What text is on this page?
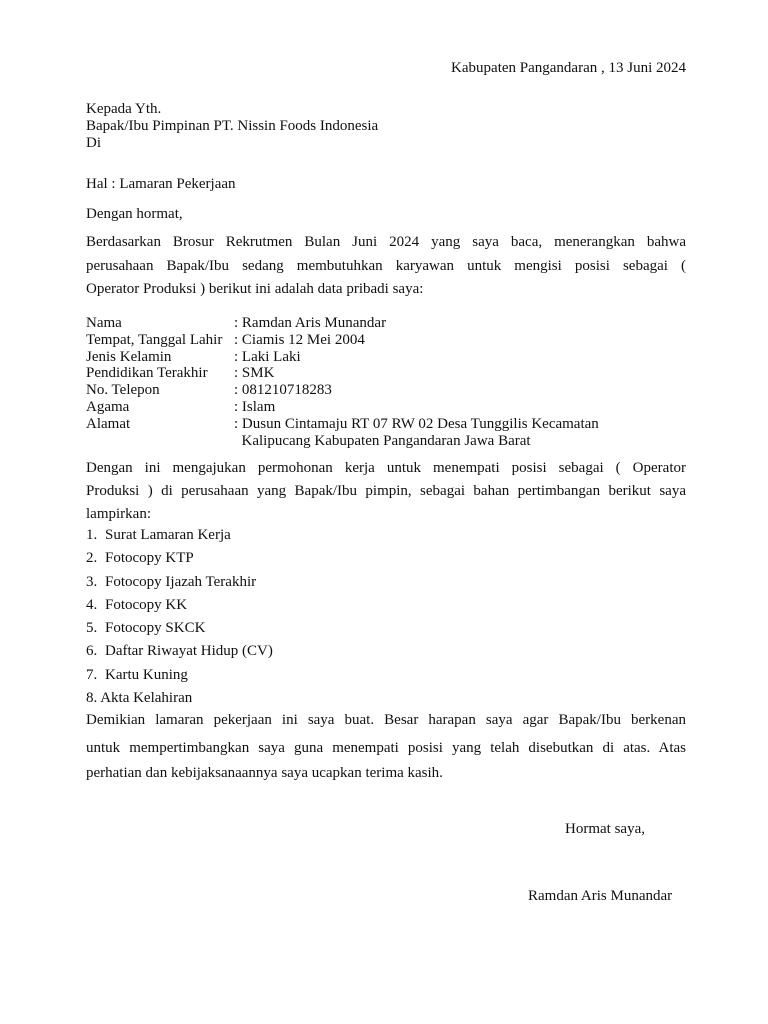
Kabupaten Pangandaran , 13 Juni 2024
Kepada Yth.
Bapak/Ibu Pimpinan PT. Nissin Foods Indonesia
Di
Hal : Lamaran Pekerjaan
Dengan hormat,
Berdasarkan Brosur Rekrutmen Bulan Juni 2024 yang saya baca, menerangkan bahwa
perusahaan Bapak/Ibu sedang membutuhkan karyawan untuk mengisi posisi sebagai (
Operator Produksi ) berikut ini adalah data pribadi saya:
Nama	: Ramdan Aris Munandar
Tempat, Tanggal Lahir	: Ciamis 12 Mei 2004
Jenis Kelamin	: Laki Laki
Pendidikan Terakhir	: SMK
No. Telepon	: 081210718283
Agama	: Islam
Alamat	: Dusun Cintamaju RT 07 RW 02 Desa Tunggilis Kecamatan
	Kalipucang Kabupaten Pangandaran Jawa Barat
Dengan ini mengajukan permohonan kerja untuk menempati posisi sebagai ( Operator
Produksi ) di perusahaan yang Bapak/Ibu pimpin, sebagai bahan pertimbangan berikut saya
lampirkan:
1. Surat Lamaran Kerja
2. Fotocopy KTP
3. Fotocopy Ijazah Terakhir
4. Fotocopy KK
5. Fotocopy SKCK
6. Daftar Riwayat Hidup (CV)
7. Kartu Kuning
8. Akta Kelahiran
Demikian lamaran pekerjaan ini saya buat. Besar harapan saya agar Bapak/Ibu berkenan
untuk mempertimbangkan saya guna menempati posisi yang telah disebutkan di atas. Atas
perhatian dan kebijaksanaannya saya ucapkan terima kasih.
Hormat saya,
Ramdan Aris Munandar
